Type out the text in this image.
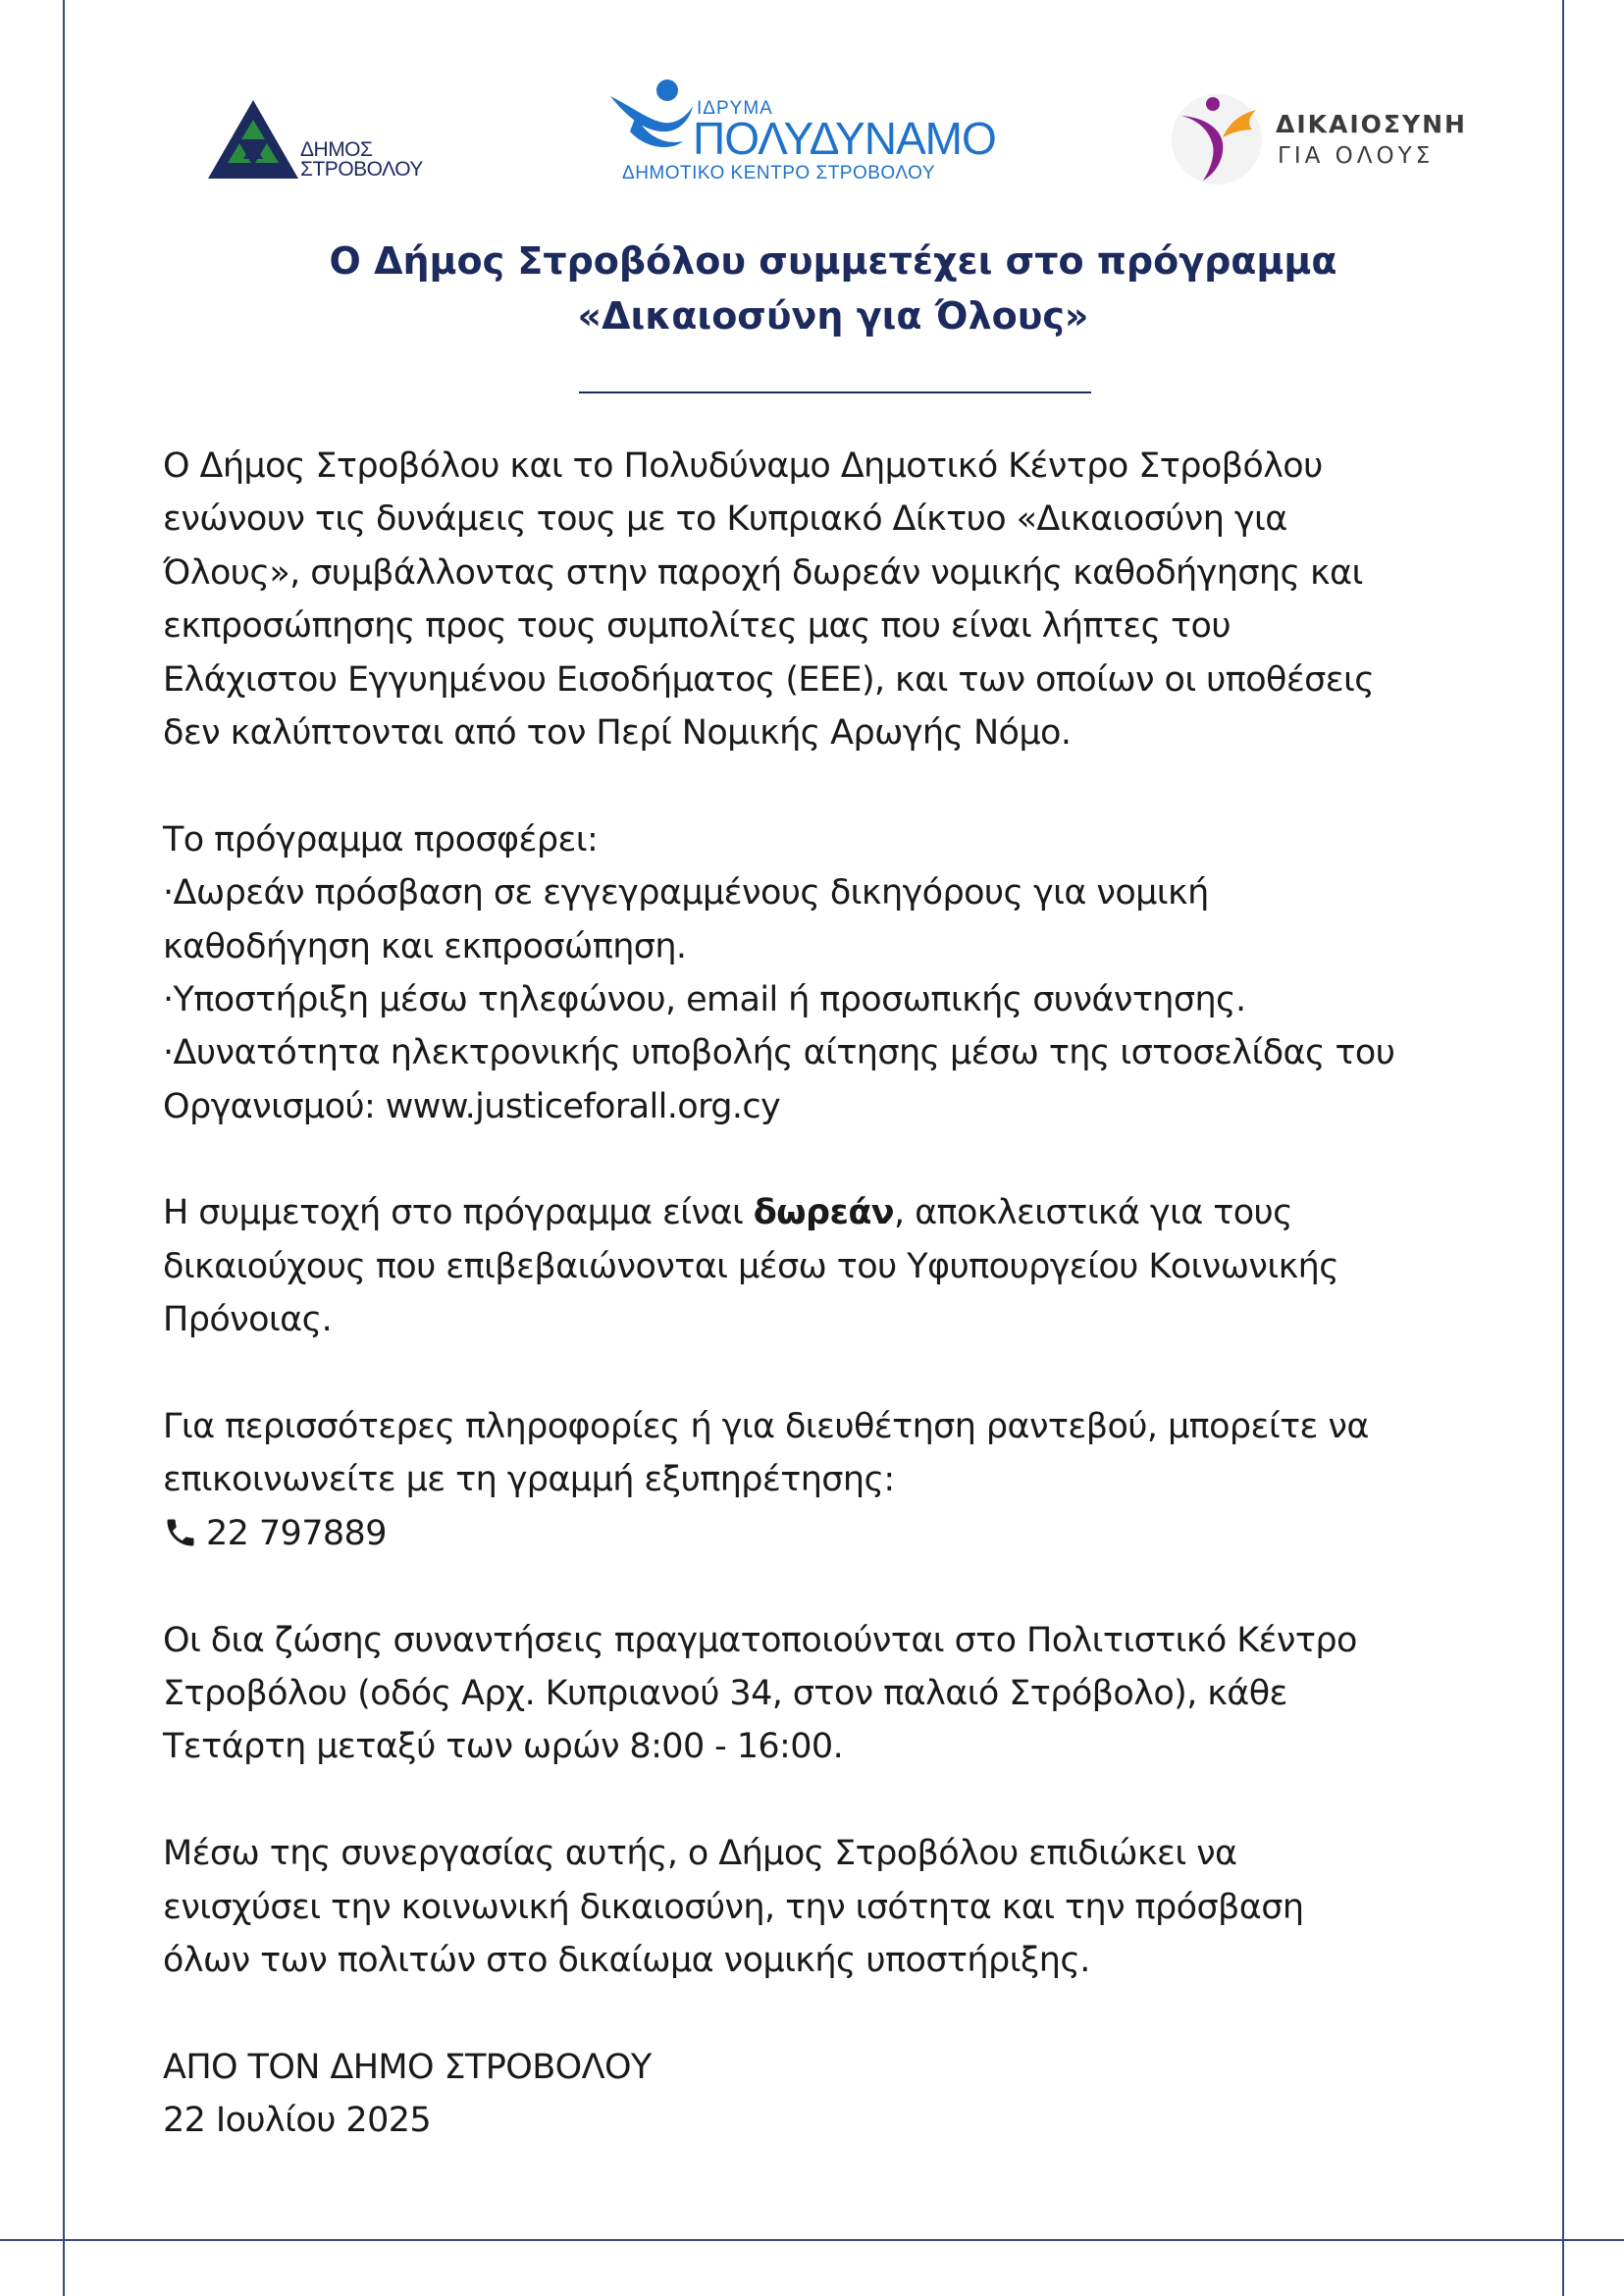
ΔΗΜΟΣ
ΣΤΡΟΒΟΛΟΥ
ΙΔΡΥΜΑ
ΠΟΛΥΔΥΝΑΜΟ
ΔΗΜΟΤΙΚΟ ΚΕΝΤΡΟ ΣΤΡΟΒΟΛΟΥ
ΔΙΚΑΙΟΣΥΝΗ
ΓΙΑ ΟΛΟΥΣ
Ο Δήμος Στροβόλου συμμετέχει στο πρόγραμμα
«Δικαιοσύνη για Όλους»
Ο Δήμος Στροβόλου και το Πολυδύναμο Δημοτικό Κέντρο Στροβόλου
ενώνουν τις δυνάμεις τους με το Κυπριακό Δίκτυο «Δικαιοσύνη για
Όλους», συμβάλλοντας στην παροχή δωρεάν νομικής καθοδήγησης και
εκπροσώπησης προς τους συμπολίτες μας που είναι λήπτες του
Ελάχιστου Εγγυημένου Εισοδήματος (ΕΕΕ), και των οποίων οι υποθέσεις
δεν καλύπτονται από τον Περί Νομικής Αρωγής Νόμο.
Το πρόγραμμα προσφέρει:
·Δωρεάν πρόσβαση σε εγγεγραμμένους δικηγόρους για νομική
καθοδήγηση και εκπροσώπηση.
·Υποστήριξη μέσω τηλεφώνου, email ή προσωπικής συνάντησης.
·Δυνατότητα ηλεκτρονικής υποβολής αίτησης μέσω της ιστοσελίδας του
Οργανισμού: www.justiceforall.org.cy
Η συμμετοχή στο πρόγραμμα είναι δωρεάν, αποκλειστικά για τους
δικαιούχους που επιβεβαιώνονται μέσω του Υφυπουργείου Κοινωνικής
Πρόνοιας.
Για περισσότερες πληροφορίες ή για διευθέτηση ραντεβού, μπορείτε να
επικοινωνείτε με τη γραμμή εξυπηρέτησης:
22 797889
Οι δια ζώσης συναντήσεις πραγματοποιούνται στο Πολιτιστικό Κέντρο
Στροβόλου (οδός Αρχ. Κυπριανού 34, στον παλαιό Στρόβολο), κάθε
Τετάρτη μεταξύ των ωρών 8:00 - 16:00.
Μέσω της συνεργασίας αυτής, ο Δήμος Στροβόλου επιδιώκει να
ενισχύσει την κοινωνική δικαιοσύνη, την ισότητα και την πρόσβαση
όλων των πολιτών στο δικαίωμα νομικής υποστήριξης.
ΑΠΟ ΤΟΝ ΔΗΜΟ ΣΤΡΟΒΟΛΟΥ
22 Ιουλίου 2025
